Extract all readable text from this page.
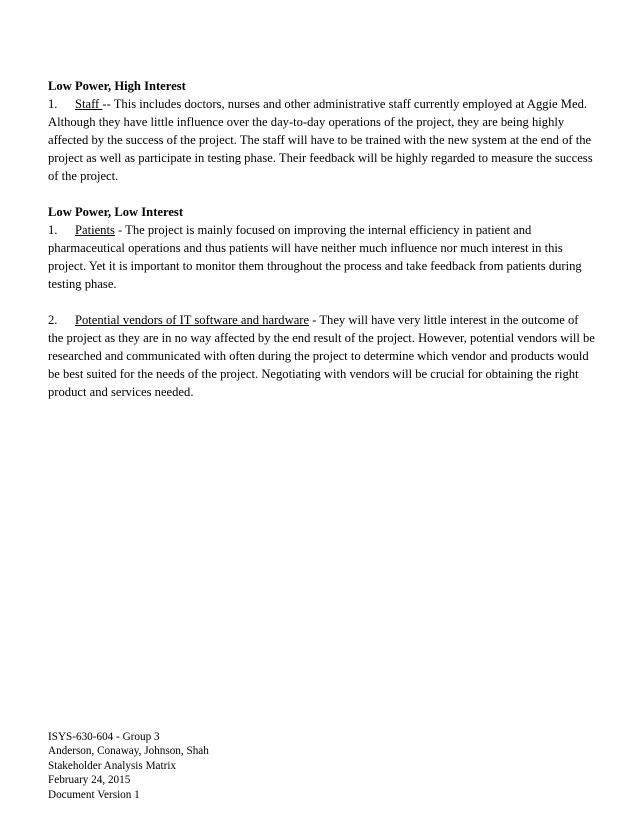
Low Power, High Interest

1. Staff -- This includes doctors, nurses and other administrative staff currently employed at Aggie Med. Although they have little influence over the day-to-day operations of the project, they are being highly affected by the success of the project. The staff will have to be trained with the new system at the end of the project as well as participate in testing phase. Their feedback will be highly regarded to measure the success of the project.

Low Power, Low Interest

1. Patients - The project is mainly focused on improving the internal efficiency in patient and pharmaceutical operations and thus patients will have neither much influence nor much interest in this project. Yet it is important to monitor them throughout the process and take feedback from patients during testing phase.

2. Potential vendors of IT software and hardware - They will have very little interest in the outcome of the project as they are in no way affected by the end result of the project. However, potential vendors will be researched and communicated with often during the project to determine which vendor and products would be best suited for the needs of the project. Negotiating with vendors will be crucial for obtaining the right product and services needed.

ISYS-630-604 - Group 3
Anderson, Conaway, Johnson, Shah
Stakeholder Analysis Matrix
February 24, 2015
Document Version 1
